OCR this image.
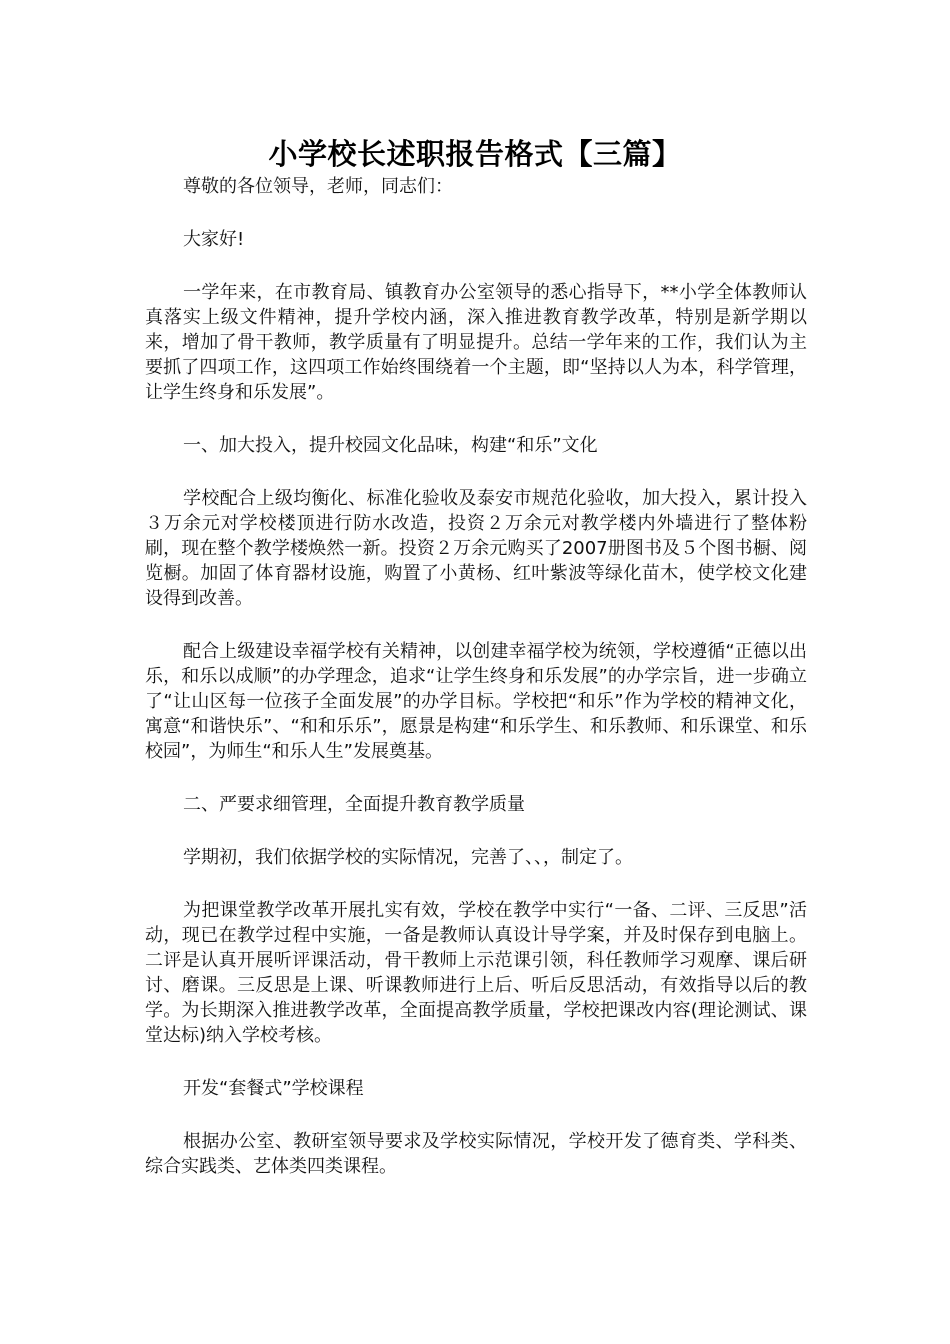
小学校长述职报告格式【三篇】

尊敬的各位领导，老师，同志们：

大家好!

一学年来，在市教育局、镇教育办公室领导的悉心指导下，**小学全体教师认真落实上级文件精神，提升学校内涵，深入推进教育教学改革，特别是新学期以来，增加了骨干教师，教学质量有了明显提升。总结一学年来的工作，我们认为主要抓了四项工作，这四项工作始终围绕着一个主题，即“坚持以人为本，科学管理，让学生终身和乐发展”。

一、加大投入，提升校园文化品味，构建“和乐”文化

学校配合上级均衡化、标准化验收及泰安市规范化验收，加大投入，累计投入３万余元对学校楼顶进行防水改造，投资２万余元对教学楼内外墙进行了整体粉刷，现在整个教学楼焕然一新。投资２万余元购买了2007册图书及５个图书橱、阅览橱。加固了体育器材设施，购置了小黄杨、红叶紫波等绿化苗木，使学校文化建设得到改善。

配合上级建设幸福学校有关精神，以创建幸福学校为统领，学校遵循“正德以出乐，和乐以成顺”的办学理念，追求“让学生终身和乐发展”的办学宗旨，进一步确立了“让山区每一位孩子全面发展”的办学目标。学校把“和乐”作为学校的精神文化，寓意“和谐快乐”、“和和乐乐”，愿景是构建“和乐学生、和乐教师、和乐课堂、和乐校园”，为师生“和乐人生”发展奠基。

二、严要求细管理，全面提升教育教学质量

学期初，我们依据学校的实际情况，完善了、、，制定了。

为把课堂教学改革开展扎实有效，学校在教学中实行“一备、二评、三反思”活动，现已在教学过程中实施，一备是教师认真设计导学案，并及时保存到电脑上。二评是认真开展听评课活动，骨干教师上示范课引领，科任教师学习观摩、课后研讨、磨课。三反思是上课、听课教师进行上后、听后反思活动，有效指导以后的教学。为长期深入推进教学改革，全面提高教学质量，学校把课改内容(理论测试、课堂达标)纳入学校考核。

开发“套餐式”学校课程

根据办公室、教研室领导要求及学校实际情况，学校开发了德育类、学科类、综合实践类、艺体类四类课程。
